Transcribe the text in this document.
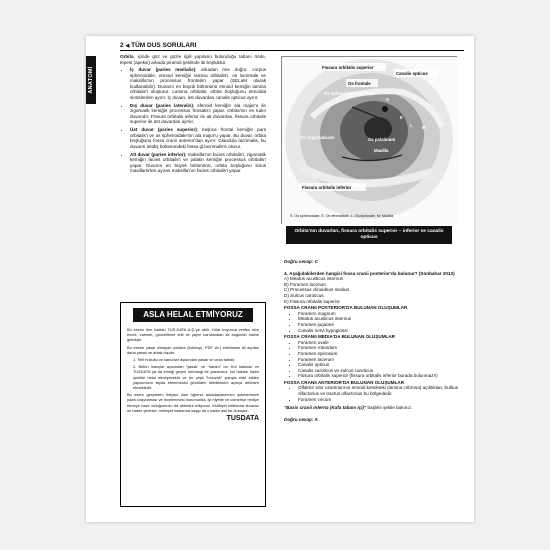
2 ◀ TÜM DUS SORULARI
ANATOMİ

Orbita, içinde göz ve gözle ilgili yapıların bulunduğu tabanı önde, tepesi (apeksi) arkada piramid şeklinde iki boşluktur.

• İç duvar (paries medialis); arkadan öne doğru; corpus sphenoidale, etmoid kemiğin lamina orbitalis'i, os lacrimale ve maksilla'nın processus frontalis'i yapar (SELaM olarak kodlanabilir). Duvarın en büyük bölümünü etmoid kemiğin lamina orbitalis'i oluşturur. Lamina orbitalis, orbita boşluğunu etmoidal sinüslerden ayırır. İç duvarı, üst duvardan canalis opticus ayırır.
• Dış duvar (paries lateralis); sfenoid kemiğin ala major'u ile zigomatik kemiğin processus frontalis'i yapar. Orbita'nın en kalın duvarıdır. Fissura orbitalis inferior ile alt duvardan, fissura orbitalis superior ile üst duvardan ayrılır.
• Üst duvar (paries superior); başlıca frontal kemiğin pars orbitalis'i ve os sphenoidale'nin ala major'u yapar. Bu duvar, orbita boşluğunu fossa cranii anterior'dan ayırır. Glandula lacrimalis, bu duvarın üstdiş bölümündeki fossa gl.lacrimalis'e oturur.
• Alt duvar (paries inferior); maksilla'nın facies orbitalis'i, zigomatik kemiğin facies orbitalis'i ve palatin kemiğin processus orbitalis'i yapar. Duvarın en büyük bölümünü, orbita boşluğunu sinus maxillaris'ten ayıran maksilla'nın facies orbitalis'i yapar.
ASLA HELAL ETMİYORUZ

Bu eserin tüm hakları TUS-DATA A.Ş.'ye aittir. Yıllar boyunca verilen nice emek, zahmet, güncelleme telif ve yayın harcamaları ile bugünkü haline gelmiştir.

Bu eserin yasal olmayan yollarla (fotokopi, PDF vb.) edinilmesi iki açıdan daha yasak ve ahlak dışıdır.

1. Telif hukuku ve kanunlar açısından yasak ve ceza tabidir.
2. Bütün inançlar açısından "yasak" ve "haram" dır. Kul hakkıdır ve TUSDATA ya da emeği geçen herhangi bir yazarımız, kul hakları hiçbir şekilde helal etmeyecektir ve bir çeşit "hırsızlık" yoluyla elde edilen yayınımızın fayda etmemesini gönülden dilediklerini açıkça dekhare etmektedir.

Bu esere gerçekten ihtiyacı olan öğrenci arkadaşlarımızın şubelerimize yazılı başvurması ve incelenmesi durumunda, iyi niyetle ve cömertçe hediye etmeye hazır olduğumuzu da dekhare ediyoruz. Mülkiyet haklarına tecavüz ne baber çirkinse; mülkiyet haklarına saygı da o kadar asil bir duruştur.

TUSDATA
Fissura orbitalis superior
Canalis opticus
Os frontale
Os sphenoidale ala major
Os zygomaticum	Os palatinum
Maxilla
Fissura orbitalis inferior
E
L M
S
S: Os sphenoidale, E: Os ethmoidale, L: Os lacrimale, M: Maxilla
Orbita'nın duvarları, fissura orbitalis superior – inferior ve canalis opticus

Doğru cevap: C

4. Aşağıdakilerden hangisi fossa cranii posterior'da bulunur? (Sonbahar 2013)

A) Meatus acusticus internus

B) Foramen lacerum

C) Processus clinoideus medius

D) Sulcus caroticus

E) Fissura orbitalis superior

FOSSA CRANII POSTERIOR'DA BULUNAN OLUŞUMLAR

• Foramen magnum
• Meatus acusticus internus
• Foramen jugulare
• Canalis nervi hypoglossi

FOSSA CRANII MEDIA'DA BULUNAN OLUŞUMLAR

• Foramen ovale
• Foramen rotundum
• Foramen spinosum
• Foramen lacerum
• Canalis opticus
• Canalis caroticus ve sulcus caroticus
• Fissura orbitalis superior (fissura orbitalis inferior burada bulunmaz!!)

FOSSA CRANII ANTERIOR'DA BULUNAN OLUŞUMLAR

• Olfaktor sinir uzantılarının etmoid kemikteki (lamina cribrosa) açıklıktan, bulbus olfactorius ve tractus olfactorius bu bölgededir.
• Foramen cecum

"Basis cranii interna (Kafa tabanı içi)" başlıklı şekile bakınız.

Doğru cevap: A
